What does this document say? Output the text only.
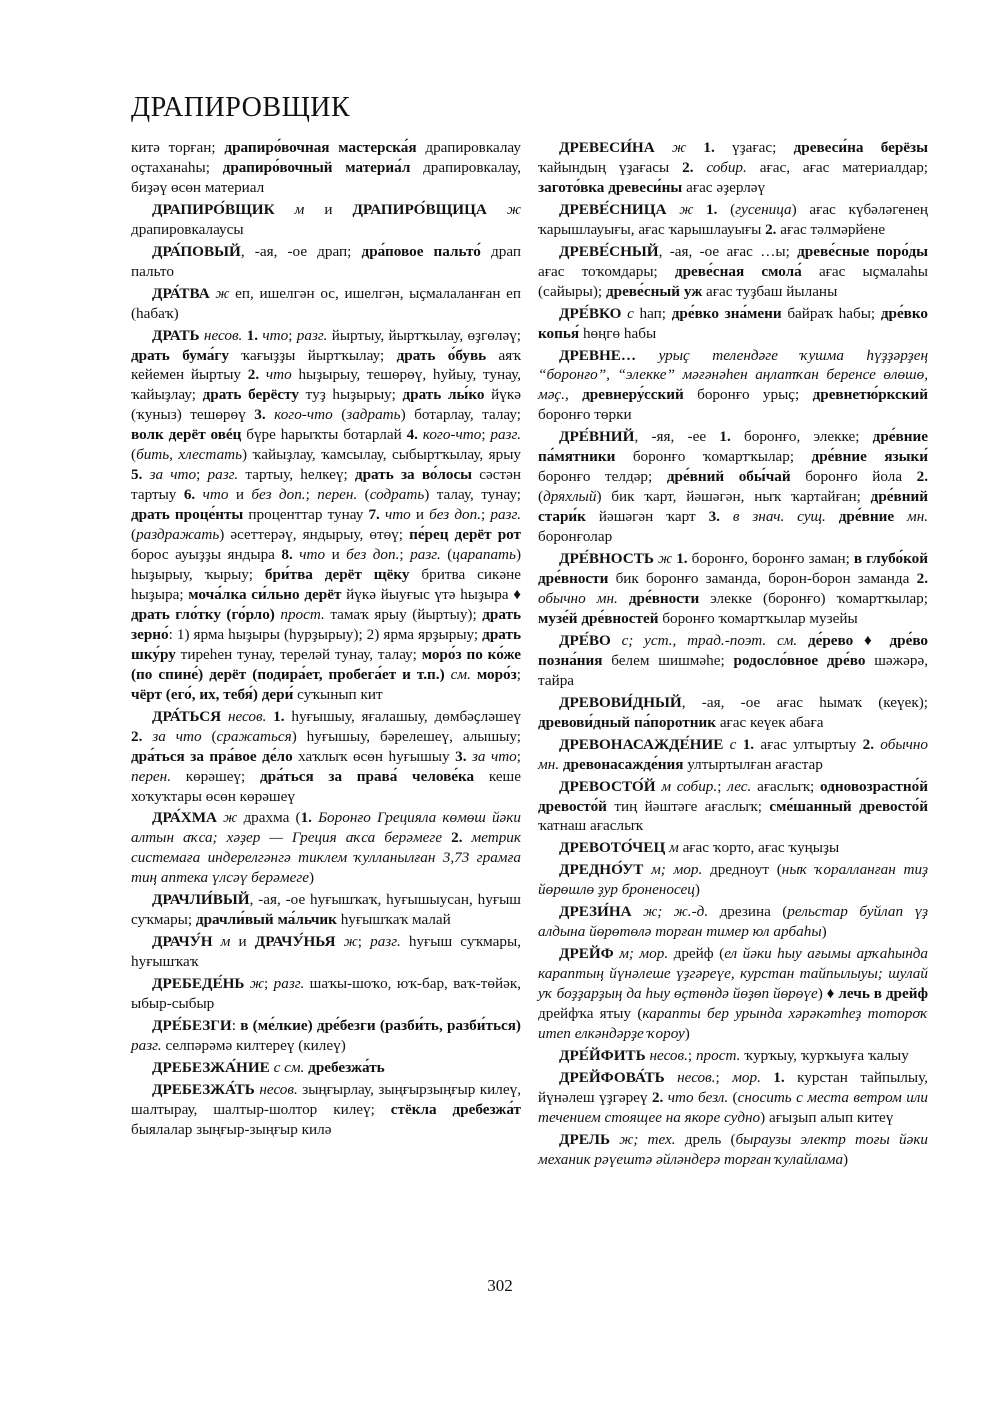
ДРАПИРОВЩИК

китә торған; драпиро́вочная мастерска́я драпировкалау оҫтаханаһы; драпиро́вочный материа́л драпировкалау, биҙәү өсөн материал

ДРАПИРО́ВЩИК м и ДРАПИРО́ВЩИЦА ж драпировкалаусы

ДРА́ПОВЫЙ, -ая, -ое драп; дра́повое пальто́ драп пальто

ДРА́ТВА ж еп, ишелгән ос, ишелгән, ыҫмалаланған еп (һабаҡ)

ДРАТЬ несов. 1. что; разг. йыртыу, йыртҡылау, өҙгөләү; драть бума́гу ҡағыҙҙы йыртҡылау; драть о́бувь аяҡ кейемен йыртыу 2. что һыҙырыу, тешөрөү, һуйыу, тунау, ҡайыҙлау; драть берёсту туҙ һыҙырыу; драть лы́ко йүкә (ҡуныз) тешөрөү 3. кого-что (задрать) ботарлау, талау; волк дерёт овéц бүре һарыҡты ботарлай 4. кого-что; разг. (бить, хлестать) ҡайыҙлау, ҡамсылау, сыбыртҡылау, ярыу 5. за что; разг. тартыу, һелкеү; драть за во́лосы сәстән тартыу 6. что и без доп.; перен. (содрать) талау, тунау; драть проце́нты проценттар тунау 7. что и без доп.; разг. (раздражать) әсеттерәү, яндырыу, өтөү; пе́рец дерёт рот борос ауыҙҙы яндыра 8. что и без доп.; разг. (царапать) һыҙырыу, ҡырыу; бри́тва дерёт щёку бритва сикәне һыҙыра; моча́лка си́льно дерёт йүкә йыуғыс үтә һыҙыра ♦ драть гло́тку (го́рло) прост. тамаҡ ярыу (йыртыу); драть зерно́: 1) ярма һыҙыры (һурҙырыу); 2) ярма ярҙырыу; драть шку́ру тиреһен тунау, тереләй тунау, талау; моро́з по ко́же (по спине́) дерёт (подира́ет, пробега́ет и т.п.) см. моро́з; чёрт (его́, их, тебя́) дери́ суҡынып кит

ДРА́ТЬСЯ несов. 1. һуғышыу, яғалашыу, дөмбәҫләшеү 2. за что (сражаться) һуғышыу, бәрелешеү, алышыу; дра́ться за пра́вое де́ло хаҡлыҡ өсөн һуғышыу 3. за что; перен. көрәшеү; дра́ться за права́ челове́ка кеше хоҡуҡтары өсөн көрәшеү

ДРА́ХМА ж драхма (1. Боронғо Грецияла көмөш йәки алтын аҡса; хәҙер — Греция аҡса берәмеге 2. метрик системаға индерелгәнгә тиклем ҡулланылған 3,73 грамға тиң аптека үлсәү берәмеге)

ДРАЧЛИ́ВЫЙ, -ая, -ое һуғышҡаҡ, һуғышыусан, һуғыш суҡмары; драчли́вый ма́льчик һуғышҡаҡ малай

ДРАЧУ́Н м и ДРАЧУ́НЬЯ ж; разг. һуғыш суҡмары, һуғышҡаҡ

ДРЕБЕДЕ́НЬ ж; разг. шаҡы-шоҡо, юҡ-бар, ваҡ-төйәк, ыбыр-сыбыр

ДРЕ́БЕЗГИ: в (ме́лкие) дре́безги (разби́ть, разби́ться) разг. селпәрәмә килтереү (килеү)

ДРЕБЕЗЖА́НИЕ с см. дребезжа́ть

ДРЕБЕЗЖА́ТЬ несов. зыңғырлау, зыңғырзыңғыр килеү, шалтырау, шалтыр-шолтор килеү; стёкла дребезжа́т быялалар зыңғыр-зыңғыр килә

ДРЕВЕСИ́НА ж 1. үҙағас; древеси́на берёзы ҡайындың үҙағасы 2. собир. ағас, ағас материалдар; загото́вка древеси́ны ағас әҙерләү

ДРЕВЕ́СНИЦА ж 1. (гусеница) ағас күбәләгенең ҡарышлауығы, ағас ҡарышлауығы 2. ағас тәлмәрйене

ДРЕВЕ́СНЫЙ, -ая, -ое ағас …ы; древе́сные поро́ды ағас тоҡомдары; древе́сная смола́ ағас ыҫмалаһы (сайыры); древе́сный уж ағас туҙбаш йыланы

ДРЕ́ВКО с һап; дре́вко зна́мени байраҡ һабы; дре́вко копья́ һөңгө һабы

ДРЕВНЕ… урыҫ телендәге ҡушма һүҙҙәрҙең “боронғо”, “элекке” мәғәнәһен аңлатҡан беренсе өлөшө, мәҫ., древнеру́сский боронғо урыҫ; древнетю́ркский боронғо төрки

ДРЕ́ВНИЙ, -яя, -ее 1. боронғо, элекке; дре́вние па́мятники боронғо ҡомартҡылар; дре́вние языки́ боронғо телдәр; дре́вний обы́чай боронғо йола 2. (дряхлый) бик ҡарт, йәшәгән, ныҡ ҡартайған; дре́вний стари́к йәшәгән ҡарт 3. в знач. сущ. дре́вние мн. боронғолар

ДРЕ́ВНОСТЬ ж 1. боронғо, боронғо заман; в глубо́кой дре́вности бик боронғо заманда, борон-борон заманда 2. обычно мн. дре́вности элекке (боронғо) ҡомартҡылар; музе́й дре́вностей боронғо ҡомартҡылар музейы

ДРЕ́ВО с; уст., трад.-поэт. см. де́рево ♦ дре́во позна́ния белем шишмәһе; родосло́вное дре́во шәжәрә, тайра

ДРЕВОВИ́ДНЫЙ, -ая, -ое ағас һымаҡ (кеүек); древови́дный па́поротник ағас кеүек абаға

ДРЕВОНАСАЖДЕ́НИЕ с 1. ағас ултыртыу 2. обычно мн. древонасажде́ния ултыртылған ағастар

ДРЕВОСТО́Й м собир.; лес. ағаслыҡ; одновозрастно́й древосто́й тиң йәштәге ағаслыҡ; сме́шанный древосто́й ҡатнаш ағаслыҡ

ДРЕВОТО́ЧЕЦ м ағас ҡорто, ағас ҡуңыҙы

ДРЕДНО́УТ м; мор. дредноут (ныҡ ҡоралланған тиҙ йөрөшлө ҙур броненосец)

ДРЕЗИ́НА ж; ж.-д. дрезина (рельстар буйлап үҙ алдына йөрөтөлә торған тимер юл арбаһы)

ДРЕЙФ м; мор. дрейф (ел йәки һыу ағымы арҡаһында караптың йүнәлеше үҙгәреүе, курстан тайпылыуы; шулай уҡ боҙҙарҙың да һыу өҫтөндә йөҙөп йөрөүе) ♦ лечь в дрейф дрейфҡа ятыу (карапты бер урында хәрәкәтһеҙ тотороҡ итеп елкәндәрҙе ҡороу)

ДРЕ́ЙФИТЬ несов.; прост. ҡурҡыу, ҡурҡыуға ҡалыу

ДРЕЙФОВА́ТЬ несов.; мор. 1. курстан тайпылыу, йүнәлеш үҙгәреү 2. что безл. (сносить с места ветром или течением стоящее на якоре судно) ағыҙып алып китеү

ДРЕЛЬ ж; тех. дрель (быраузы электр тоғы йәки механик рәүештә әйләндерә торған ҡулайлама)

302
